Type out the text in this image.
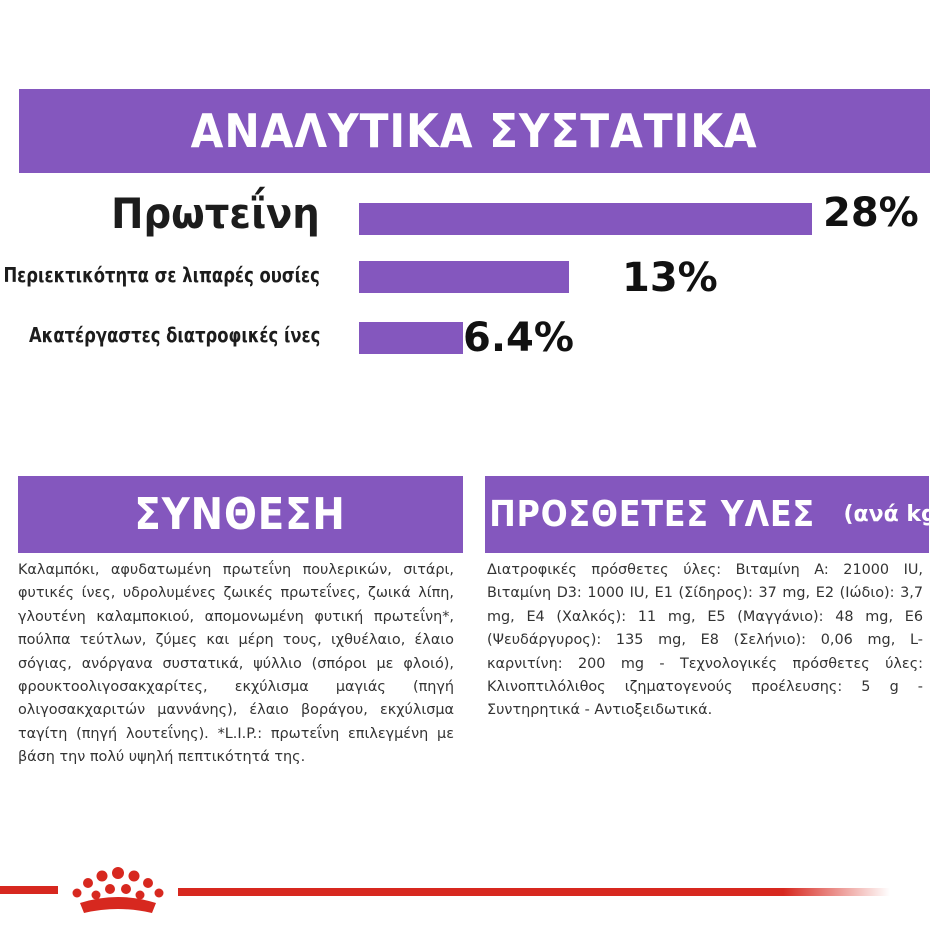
ΑΝΑΛΥΤΙΚΑ ΣΥΣΤΑΤΙΚΑ
Πρωτεΐνη	28%
Περιεκτικότητα σε λιπαρές ουσίες	13%
Ακατέργαστες διατροφικές ίνες	6.4%
ΣΥΝΘΕΣΗ
Καλαμπόκι, αφυδατωμένη πρωτεΐνη πουλερικών, σιτάρι, φυτικές ίνες, υδρολυμένες ζωικές πρωτεΐνες, ζωικά λίπη, γλουτένη καλαμποκιού, απομονωμένη φυτική πρωτεΐνη*, πούλπα τεύτλων, ζύμες και μέρη τους, ιχθυέλαιο, έλαιο σόγιας, ανόργανα συστατικά, ψύλλιο (σπόροι με φλοιό), φρουκτοολιγοσακχαρίτες, εκχύλισμα μαγιάς (πηγή ολιγοσακχαριτών μαννάνης), έλαιο βοράγου, εκχύλισμα ταγίτη (πηγή λουτεΐνης). *L.I.P.: πρωτεΐνη επιλεγμένη με βάση την πολύ υψηλή πεπτικότητά της.
ΠΡΟΣΘΕΤΕΣ ΥΛΕΣ (ανά kg)
Διατροφικές πρόσθετες ύλες: Βιταμίνη A: 21000 IU, Βιταμίνη D3: 1000 IU, E1 (Σίδηρος): 37 mg, E2 (Ιώδιο): 3,7 mg, E4 (Χαλκός): 11 mg, E5 (Μαγγάνιο): 48 mg, E6 (Ψευδάργυρος): 135 mg, E8 (Σελήνιο): 0,06 mg, L-καρνιτίνη: 200 mg - Τεχνολογικές πρόσθετες ύλες: Κλινοπτιλόλιθος ιζηματογενούς προέλευσης: 5 g - Συντηρητικά - Αντιοξειδωτικά.
